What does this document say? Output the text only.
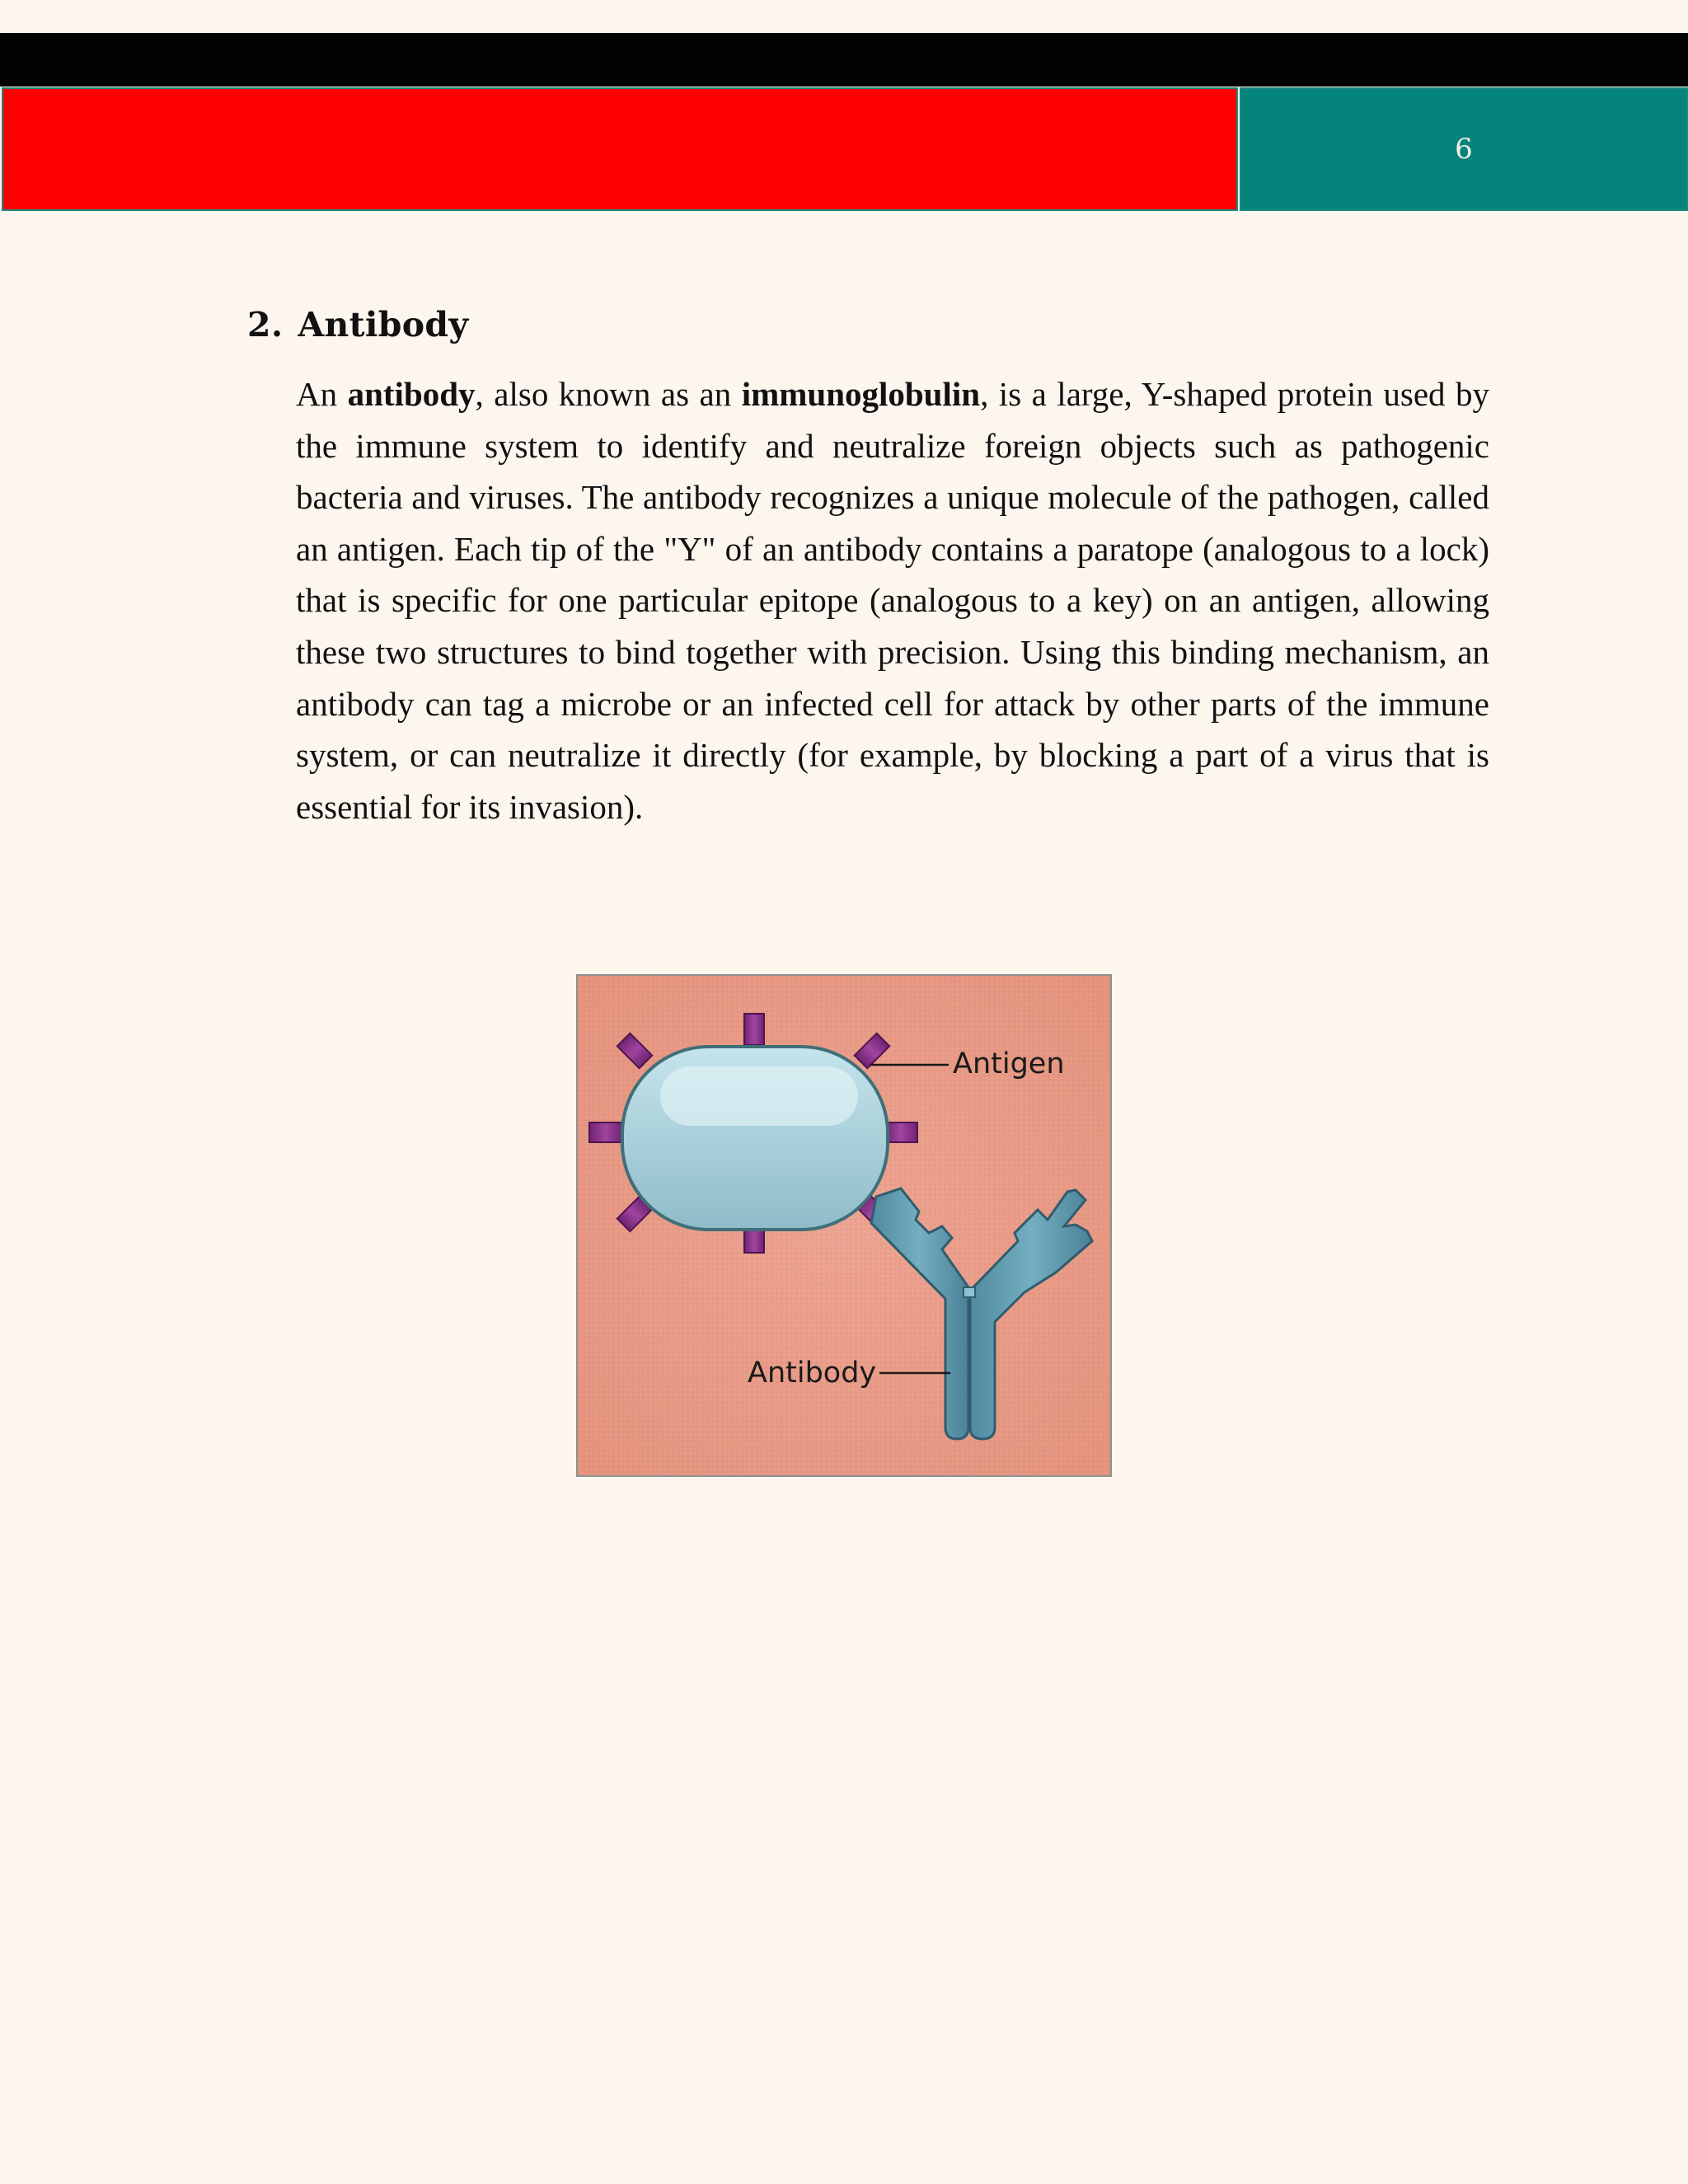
6
2. Antibody

An antibody, also known as an immunoglobulin, is a large, Y-shaped protein used by the immune system to identify and neutralize foreign objects such as pathogenic bacteria and viruses. The antibody recognizes a unique molecule of the pathogen, called an antigen. Each tip of the "Y" of an antibody contains a paratope (analogous to a lock) that is specific for one particular epitope (analogous to a key) on an antigen, allowing these two structures to bind together with precision. Using this binding mechanism, an antibody can tag a microbe or an infected cell for attack by other parts of the immune system, or can neutralize it directly (for example, by blocking a part of a virus that is essential for its invasion).

Antigen
Antibody
